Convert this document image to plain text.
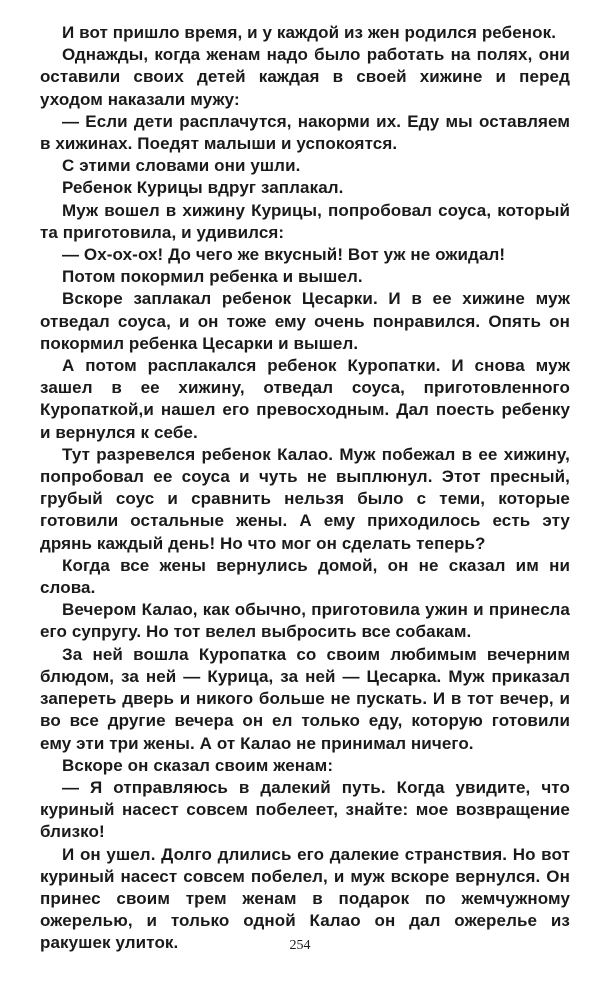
И вот пришло время, и у каждой из жен родился ребенок.

Однажды, когда женам надо было работать на полях, они оставили своих детей каждая в своей хижине и перед уходом наказали мужу:

— Если дети расплачутся, накорми их. Еду мы оставляем в хижинах. Поедят малыши и успокоятся.

С этими словами они ушли.

Ребенок Курицы вдруг заплакал.

Муж вошел в хижину Курицы, попробовал соуса, который та приготовила, и удивился:

— Ох-ох-ох! До чего же вкусный! Вот уж не ожидал!

Потом покормил ребенка и вышел.

Вскоре заплакал ребенок Цесарки. И в ее хижине муж отведал соуса, и он тоже ему очень понравился. Опять он покормил ребенка Цесарки и вышел.

А потом расплакался ребенок Куропатки. И снова муж зашел в ее хижину, отведал соуса, приготовленного Куропаткой,и нашел его превосходным. Дал поесть ребенку и вернулся к себе.

Тут разревелся ребенок Калао. Муж побежал в ее хижину, попробовал ее соуса и чуть не выплюнул. Этот пресный, грубый соус и сравнить нельзя было с теми, которые готовили остальные жены. А ему приходилось есть эту дрянь каждый день! Но что мог он сделать теперь?

Когда все жены вернулись домой, он не сказал им ни слова.

Вечером Калао, как обычно, приготовила ужин и принесла его супругу. Но тот велел выбросить все собакам.

За ней вошла Куропатка со своим любимым вечерним блюдом, за ней — Курица, за ней — Цесарка. Муж приказал запереть дверь и никого больше не пускать. И в тот вечер, и во все другие вечера он ел только еду, которую готовили ему эти три жены. А от Калао не принимал ничего.

Вскоре он сказал своим женам:

— Я отправляюсь в далекий путь. Когда увидите, что куриный насест совсем побелеет, знайте: мое возвращение близко!

И он ушел. Долго длились его далекие странствия. Но вот куриный насест совсем побелел, и муж вскоре вернулся. Он принес своим трем женам в подарок по жемчужному ожерелью, и только одной Калао он дал ожерелье из ракушек улиток.	254
